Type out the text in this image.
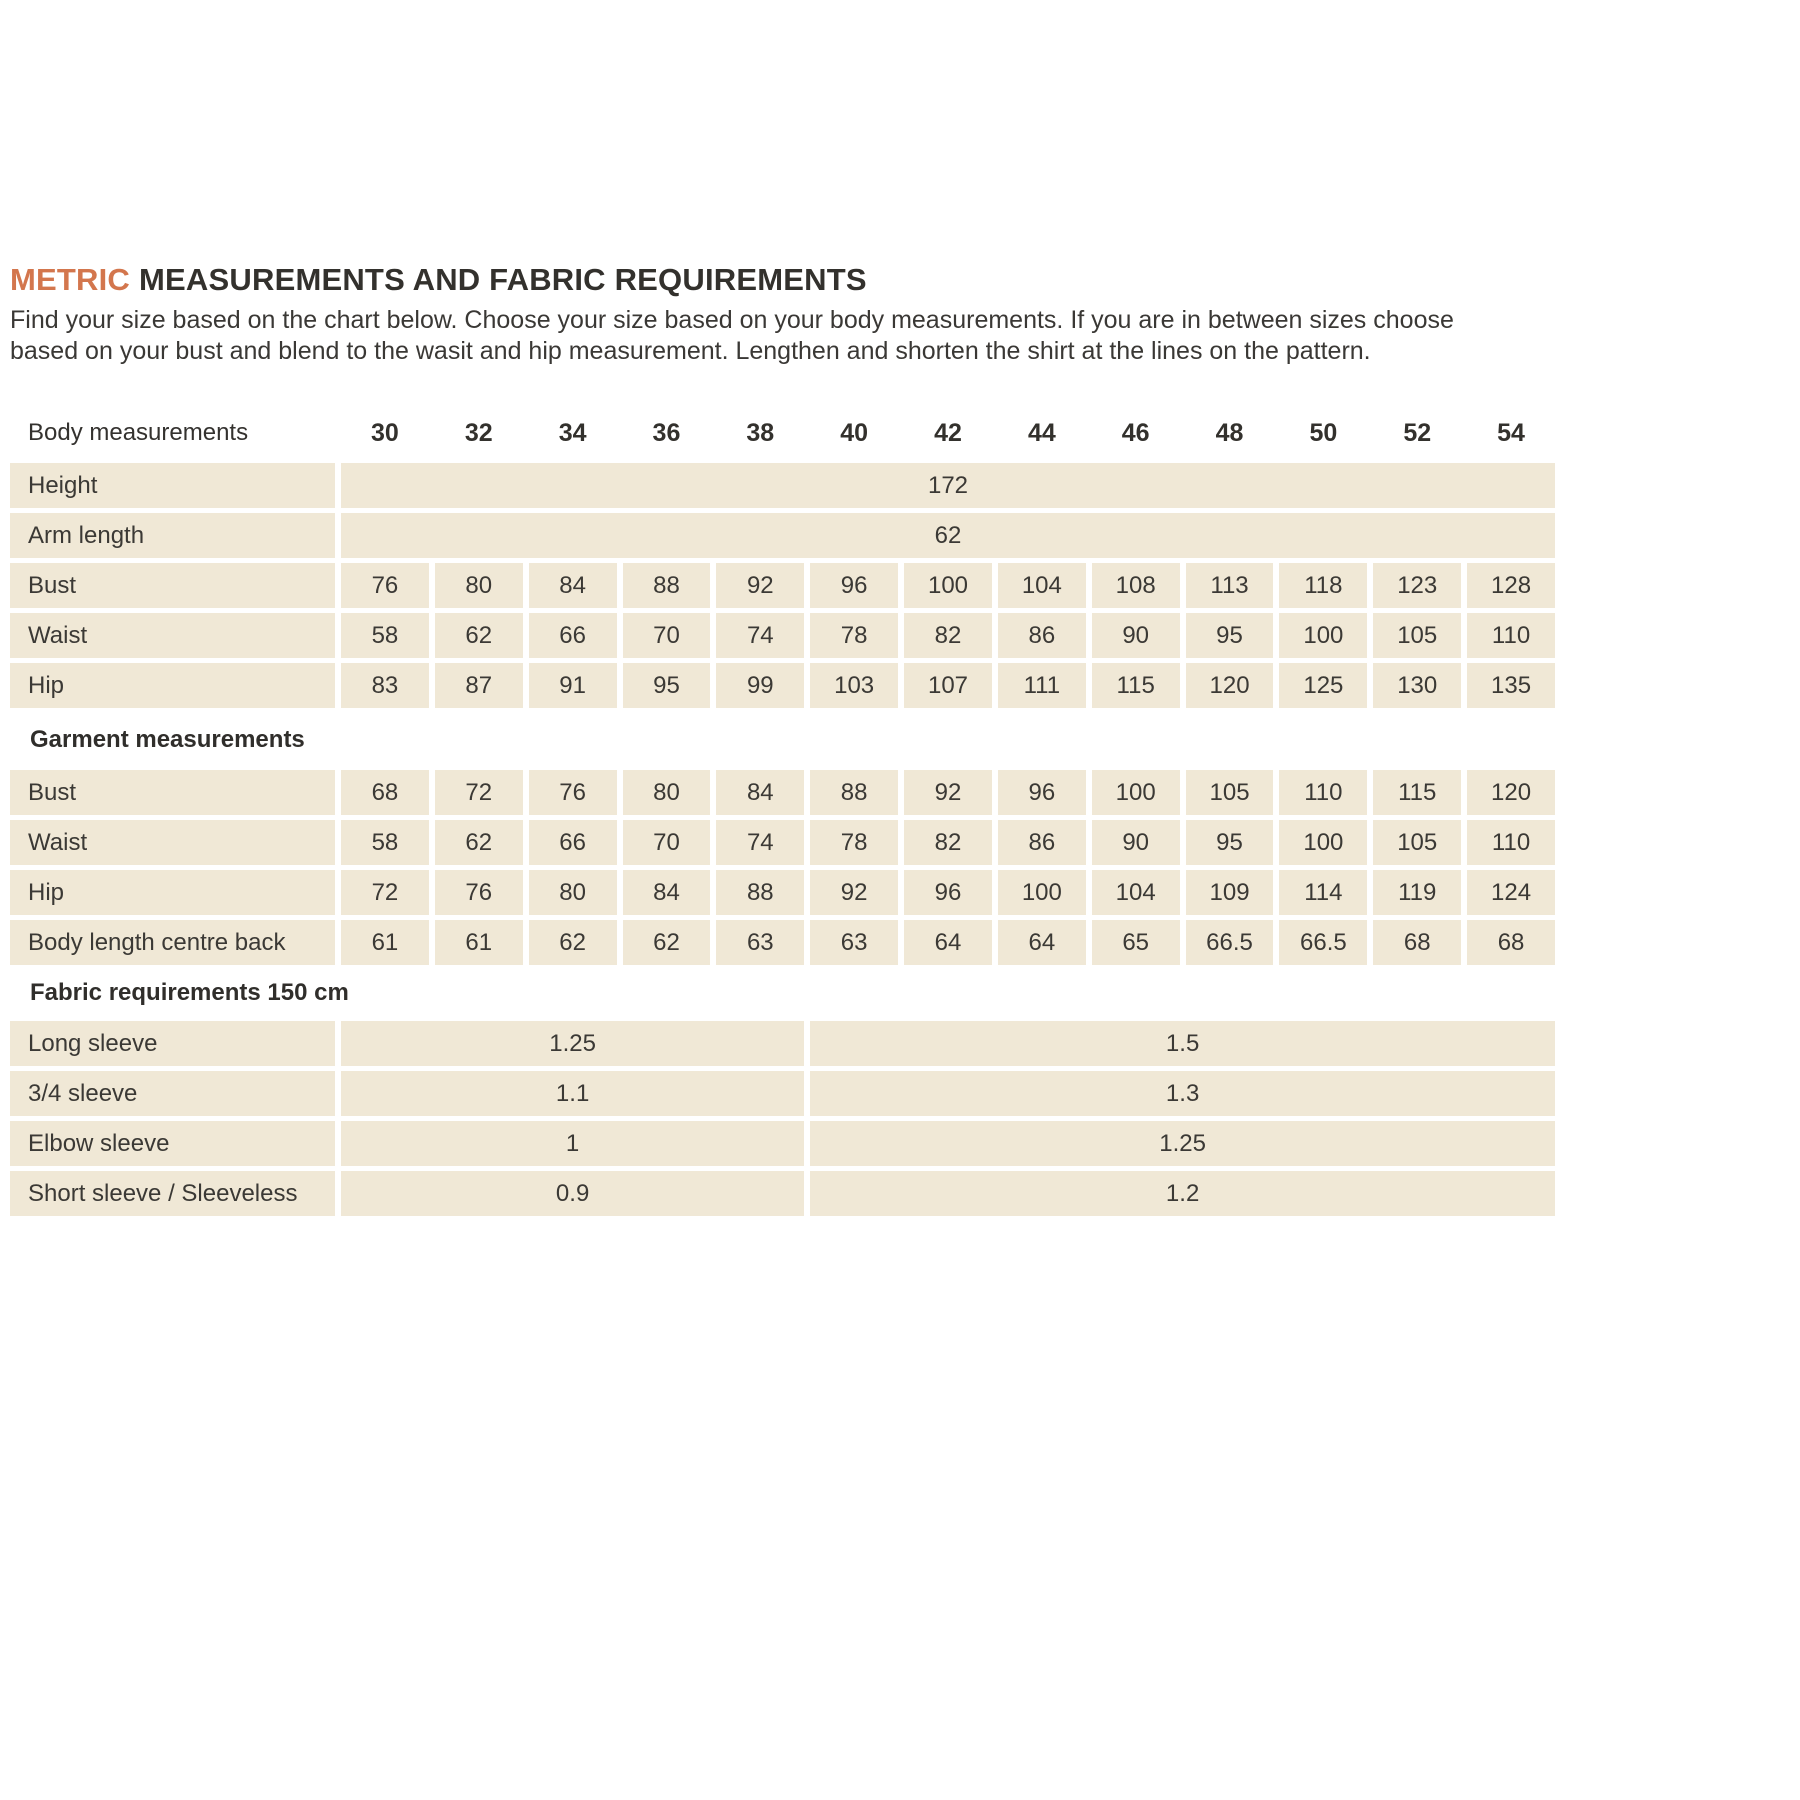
METRIC MEASUREMENTS AND FABRIC REQUIREMENTS
Find your size based on the chart below. Choose your size based on your body measurements. If you are in between sizes choose
based on your bust and blend to the wasit and hip measurement. Lengthen and shorten the shirt at the lines on the pattern.
Body measurements	30	32	34	36	38	40	42	44	46	48	50	52	54
Height	172
Arm length	62
Bust	76	80	84	88	92	96	100	104	108	113	118	123	128
Waist	58	62	66	70	74	78	82	86	90	95	100	105	110
Hip	83	87	91	95	99	103	107	111	115	120	125	130	135
Garment measurements
Bust	68	72	76	80	84	88	92	96	100	105	110	115	120
Waist	58	62	66	70	74	78	82	86	90	95	100	105	110
Hip	72	76	80	84	88	92	96	100	104	109	114	119	124
Body length centre back	61	61	62	62	63	63	64	64	65	66.5	66.5	68	68
Fabric requirements 150 cm
Long sleeve	1.25	1.5
3/4 sleeve	1.1	1.3
Elbow sleeve	1	1.25
Short sleeve / Sleeveless	0.9	1.2
